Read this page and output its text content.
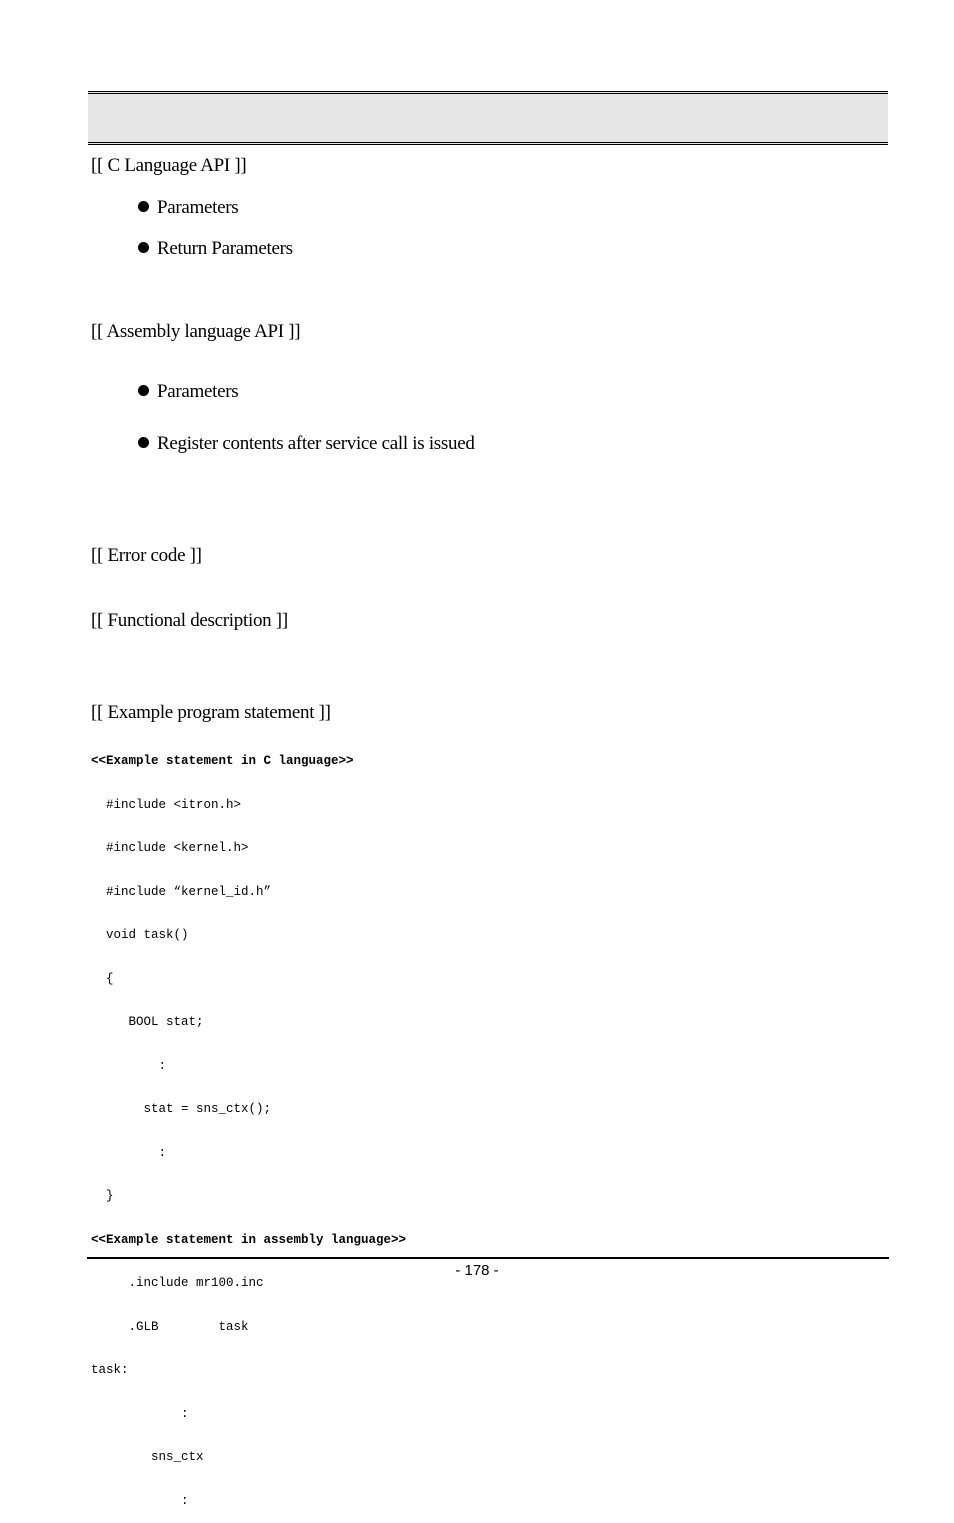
[[ C Language API ]]
Parameters
Return Parameters
[[ Assembly language API ]]
Parameters
Register contents after service call is issued
[[ Error code ]]
[[ Functional description ]]
[[ Example program statement ]]

<<Example statement in C language>>

#include <itron.h>

#include <kernel.h>

#include “kernel_id.h”

void task()

{

BOOL stat;

:

stat = sns_ctx();

:

}

<<Example statement in assembly language>>

.include mr100.inc

.GLB        task

task:

:

sns_ctx

:

- 178 -
